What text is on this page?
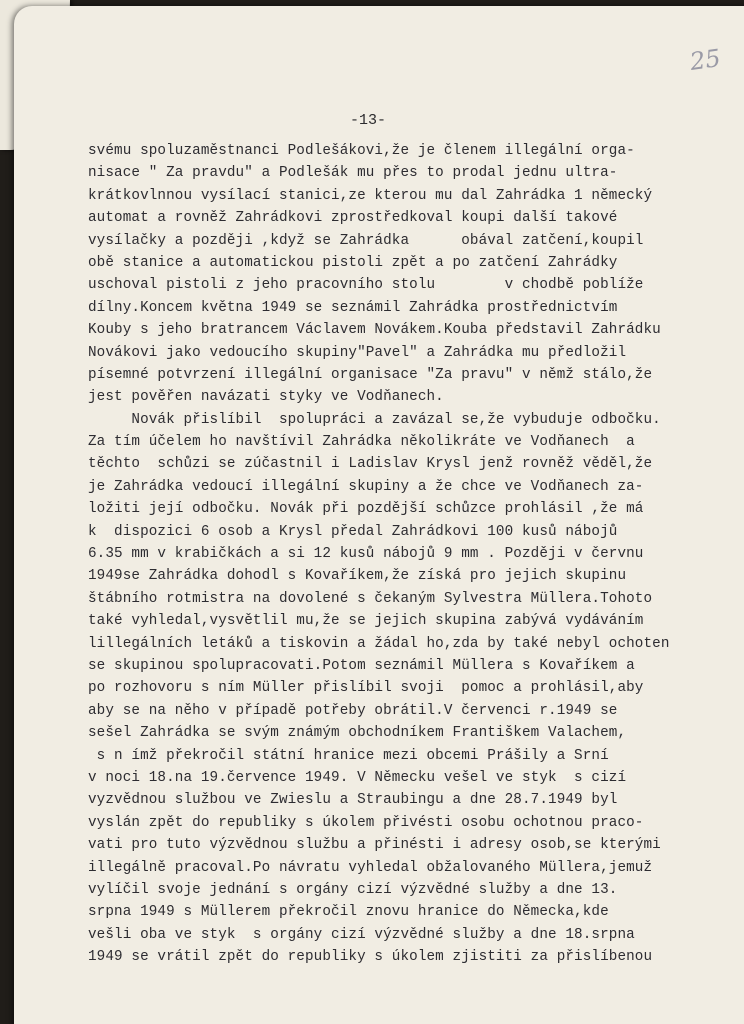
25
-13-
svému spoluzaměstnanci Podlešákovi,že je členem illegální orga-
nisace " Za pravdu" a Podlešák mu přes to prodal jednu ultra-
krátkovlnnou vysílací stanici,ze kterou mu dal Zahrádka 1 německý
automat a rovněž Zahrádkovi zprostředkoval koupi další takové
vysílačky a později ,když se Zahrádka      obával zatčení,koupil
obě stanice a automatickou pistoli zpět a po zatčení Zahrádky
uschoval pistoli z jeho pracovního stolu        v chodbě poblíže
dílny.Koncem května 1949 se seznámil Zahrádka prostřednictvím
Kouby s jeho bratrancem Václavem Novákem.Kouba představil Zahrádku
Novákovi jako vedoucího skupiny"Pavel" a Zahrádka mu předložil
písemné potvrzení illegální organisace "Za pravu" v němž stálo,že
jest pověřen navázati styky ve Vodňanech.
Novák přislíbil  spolupráci a zavázal se,že vybuduje odbočku.
Za tím účelem ho navštívil Zahrádka několikráte ve Vodňanech  a
těchto  schůzi se zúčastnil i Ladislav Krysl jenž rovněž věděl,že
je Zahrádka vedoucí illegální skupiny a že chce ve Vodňanech za-
ložiti její odbočku. Novák při pozdější schůzce prohlásil ,že má
k  dispozici 6 osob a Krysl předal Zahrádkovi 100 kusů nábojů
6.35 mm v krabičkách a si 12 kusů nábojů 9 mm . Později v červnu
1949se Zahrádka dohodl s Kovaříkem,že získá pro jejich skupinu
štábního rotmistra na dovolené s čekaným Sylvestra Müllera.Tohoto
také vyhledal,vysvětlil mu,že se jejich skupina zabývá vydáváním
lillegálních letáků a tiskovin a žádal ho,zda by také nebyl ochoten
se skupinou spolupracovati.Potom seznámil Müllera s Kovaříkem a
po rozhovoru s ním Müller přislíbil svoji  pomoc a prohlásil,aby
aby se na něho v případě potřeby obrátil.V červenci r.1949 se
sešel Zahrádka se svým známým obchodníkem Františkem Valachem,
s n ímž překročil státní hranice mezi obcemi Prášily a Srní
v noci 18.na 19.července 1949. V Německu vešel ve styk  s cizí
vyzvědnou službou ve Zwieslu a Straubingu a dne 28.7.1949 byl
vyslán zpět do republiky s úkolem přivésti osobu ochotnou praco-
vati pro tuto výzvědnou službu a přinésti i adresy osob,se kterými
illegálně pracoval.Po návratu vyhledal obžalovaného Müllera,jemuž
vylíčil svoje jednání s orgány cizí výzvědné služby a dne 13.
srpna 1949 s Müllerem překročil znovu hranice do Německa,kde
vešli oba ve styk  s orgány cizí výzvědné služby a dne 18.srpna
1949 se vrátil zpět do republiky s úkolem zjistiti za přislíbenou
